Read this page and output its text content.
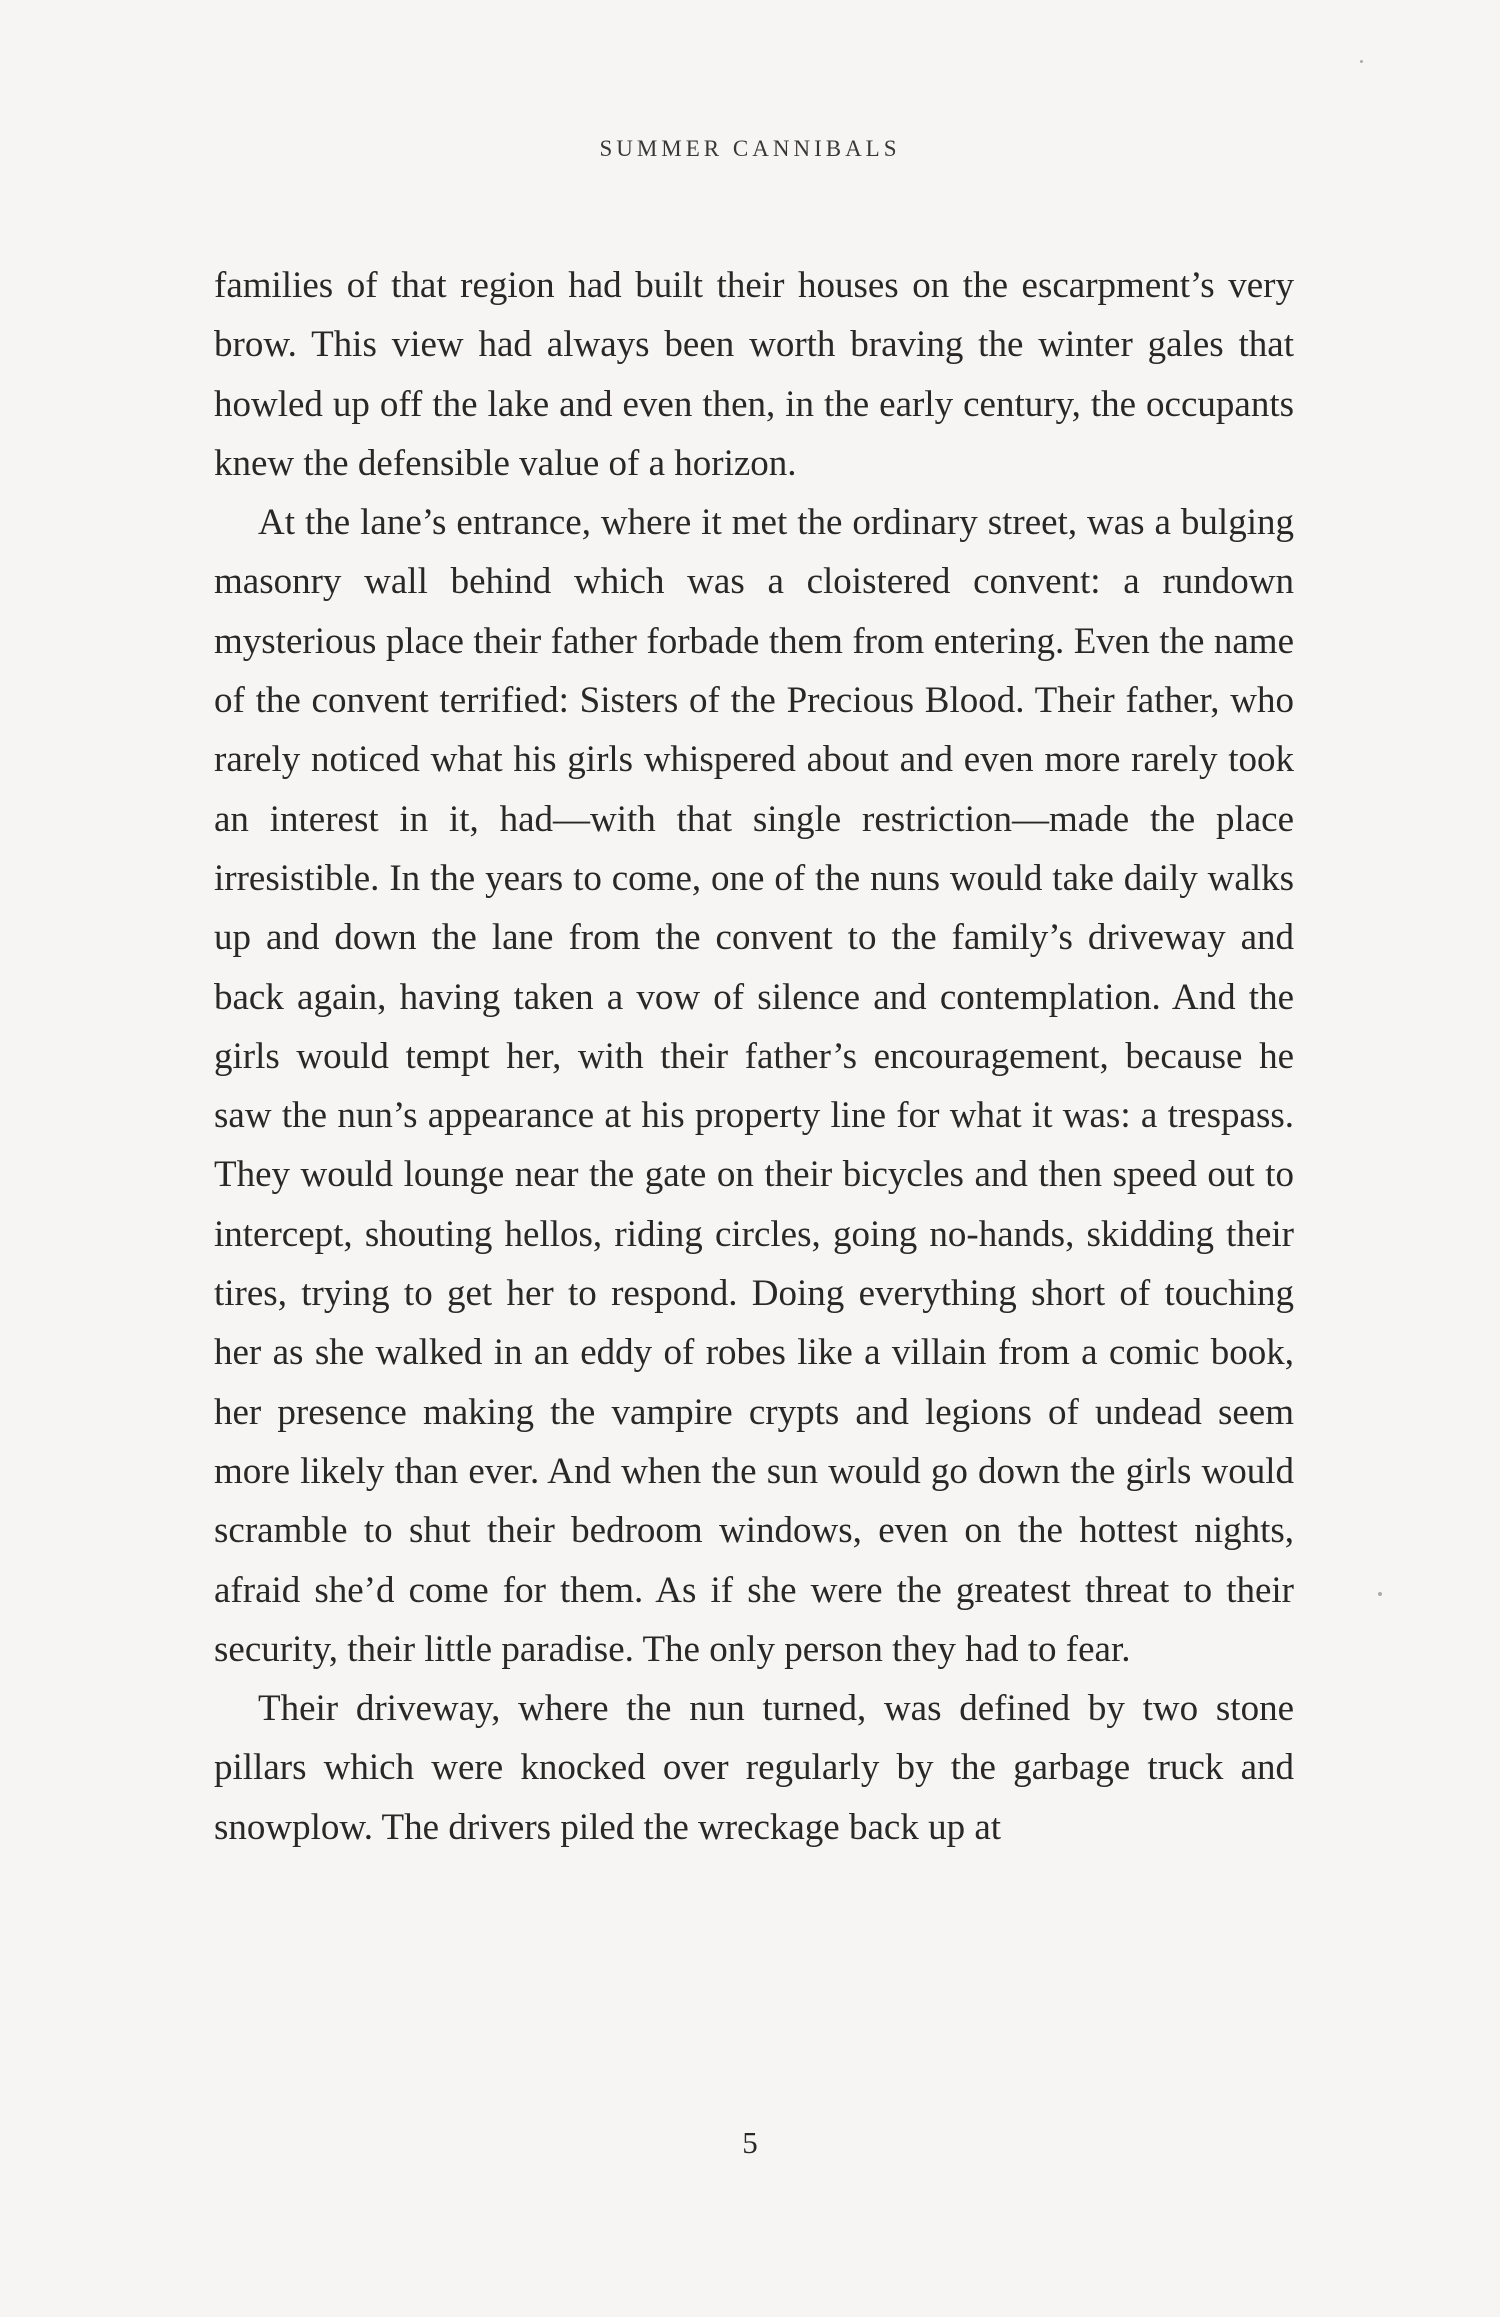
SUMMER CANNIBALS

families of that region had built their houses on the escarpment’s very brow. This view had always been worth braving the winter gales that howled up off the lake and even then, in the early century, the occupants knew the defensible value of a horizon.

At the lane’s entrance, where it met the ordinary street, was a bulging masonry wall behind which was a cloistered convent: a rundown mysterious place their father forbade them from entering. Even the name of the convent terrified: Sisters of the Precious Blood. Their father, who rarely noticed what his girls whispered about and even more rarely took an interest in it, had—with that single restriction—made the place irresistible. In the years to come, one of the nuns would take daily walks up and down the lane from the convent to the family’s driveway and back again, having taken a vow of silence and contemplation. And the girls would tempt her, with their father’s encouragement, because he saw the nun’s appearance at his property line for what it was: a trespass. They would lounge near the gate on their bicycles and then speed out to intercept, shouting hellos, riding circles, going no-hands, skidding their tires, trying to get her to respond. Doing everything short of touching her as she walked in an eddy of robes like a villain from a comic book, her presence making the vampire crypts and legions of undead seem more likely than ever. And when the sun would go down the girls would scramble to shut their bedroom windows, even on the hottest nights, afraid she’d come for them. As if she were the greatest threat to their security, their little paradise. The only person they had to fear.

Their driveway, where the nun turned, was defined by two stone pillars which were knocked over regularly by the garbage truck and snowplow. The drivers piled the wreckage back up at

5
